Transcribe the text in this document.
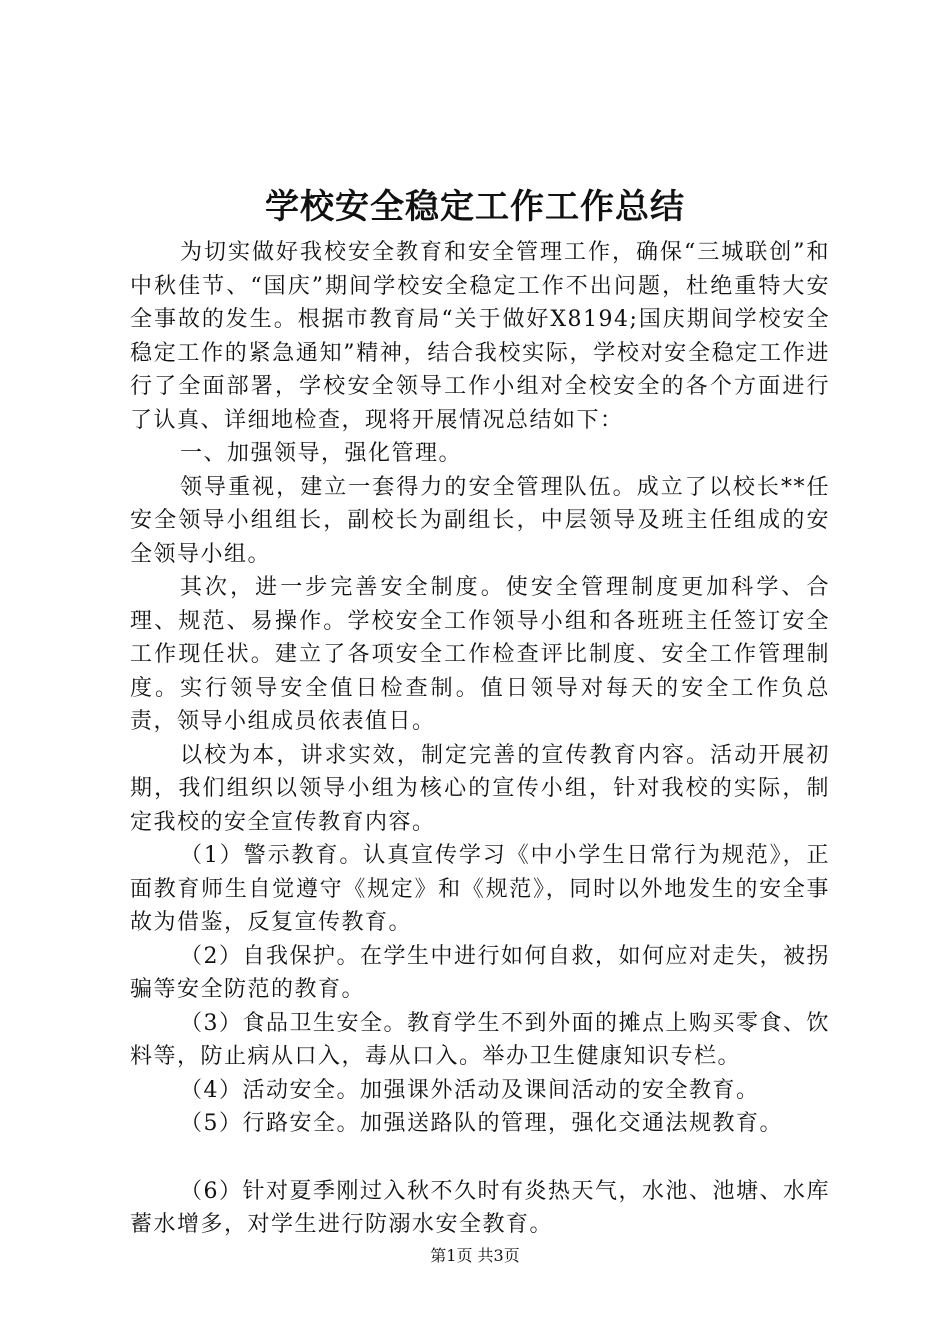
学校安全稳定工作工作总结

为切实做好我校安全教育和安全管理工作，确保“三城联创”和中秋佳节、“国庆”期间学校安全稳定工作不出问题，杜绝重特大安全事故的发生。根据市教育局“关于做好X8194;国庆期间学校安全稳定工作的紧急通知”精神，结合我校实际，学校对安全稳定工作进行了全面部署，学校安全领导工作小组对全校安全的各个方面进行了认真、详细地检查，现将开展情况总结如下：

一、加强领导，强化管理。

领导重视，建立一套得力的安全管理队伍。成立了以校长**任安全领导小组组长，副校长为副组长，中层领导及班主任组成的安全领导小组。

其次，进一步完善安全制度。使安全管理制度更加科学、合理、规范、易操作。学校安全工作领导小组和各班班主任签订安全工作现任状。建立了各项安全工作检查评比制度、安全工作管理制度。实行领导安全值日检查制。值日领导对每天的安全工作负总责，领导小组成员依表值日。

以校为本，讲求实效，制定完善的宣传教育内容。活动开展初期，我们组织以领导小组为核心的宣传小组，针对我校的实际，制定我校的安全宣传教育内容。

（1）警示教育。认真宣传学习《中小学生日常行为规范》，正面教育师生自觉遵守《规定》和《规范》，同时以外地发生的安全事故为借鉴，反复宣传教育。

（2）自我保护。在学生中进行如何自救，如何应对走失，被拐骗等安全防范的教育。

（3）食品卫生安全。教育学生不到外面的摊点上购买零食、饮料等，防止病从口入，毒从口入。举办卫生健康知识专栏。

（4）活动安全。加强课外活动及课间活动的安全教育。

（5）行路安全。加强送路队的管理，强化交通法规教育。

（6）针对夏季刚过入秋不久时有炎热天气，水池、池塘、水库蓄水增多，对学生进行防溺水安全教育。

第1页 共3页
